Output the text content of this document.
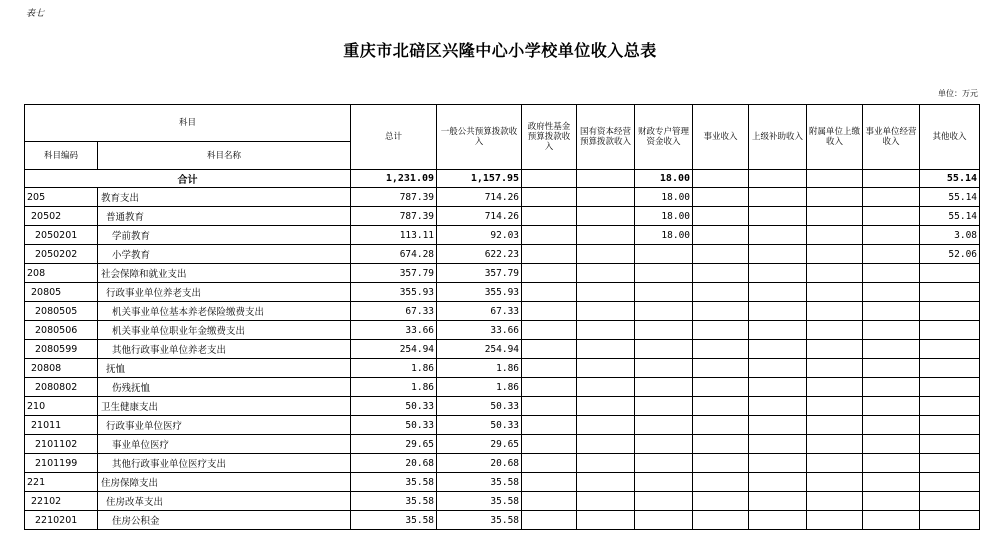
表七
重庆市北碚区兴隆中心小学校单位收入总表
单位：万元
科目		总计	一般公共预算拨款收入	政府性基金预算拨款收入	国有资本经营预算拨款收入	财政专户管理资金收入	事业收入	上级补助收入	附属单位上缴收入	事业单位经营收入	其他收入
科目编码	科目名称										
合计		1,231.09	1,157.95			18.00					55.14
205	教育支出	787.39	714.26			18.00					55.14
20502	普通教育	787.39	714.26			18.00					55.14
2050201	学前教育	113.11	92.03			18.00					3.08
2050202	小学教育	674.28	622.23								52.06
208	社会保障和就业支出	357.79	357.79								
20805	行政事业单位养老支出	355.93	355.93								
2080505	机关事业单位基本养老保险缴费支出	67.33	67.33								
2080506	机关事业单位职业年金缴费支出	33.66	33.66								
2080599	其他行政事业单位养老支出	254.94	254.94								
20808	抚恤	1.86	1.86								
2080802	伤残抚恤	1.86	1.86								
210	卫生健康支出	50.33	50.33								
21011	行政事业单位医疗	50.33	50.33								
2101102	事业单位医疗	29.65	29.65								
2101199	其他行政事业单位医疗支出	20.68	20.68								
221	住房保障支出	35.58	35.58								
22102	住房改革支出	35.58	35.58								
2210201	住房公积金	35.58	35.58								
